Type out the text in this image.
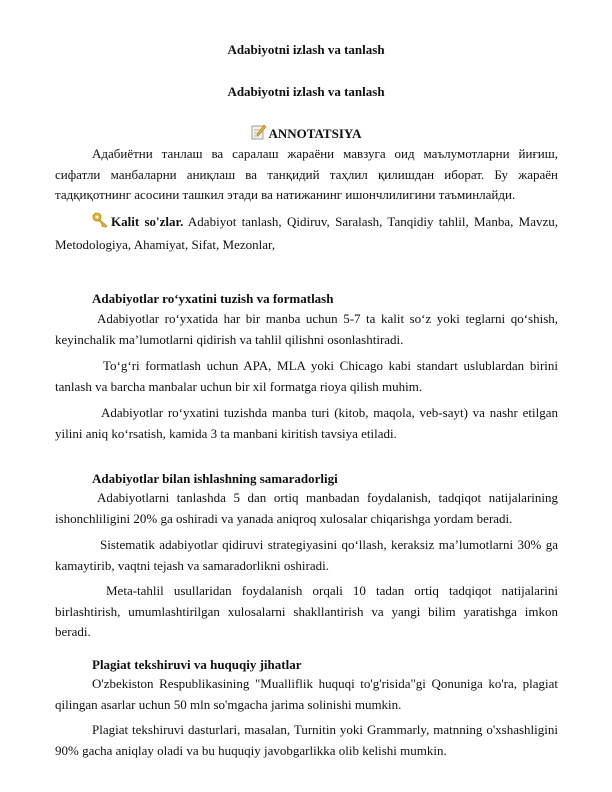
Adabiyotni izlash va tanlash

Adabiyotni izlash va tanlash

ANNOTATSIYA

Адабиётни танлаш ва саралаш жараёни мавзуга оид маълумотларни йиғиш, сифатли манбаларни аниқлаш ва танқидий таҳлил қилишдан иборат. Бу жараён тадқиқотнинг асосини ташкил этади ва натижанинг ишончлилигини таъминлайди.

Kalit so'zlar. Adabiyot tanlash, Qidiruv, Saralash, Tanqidiy tahlil, Manba, Mavzu, Metodologiya, Ahamiyat, Sifat, Mezonlar,

Adabiyotlar roʻyxatini tuzish va formatlash

Adabiyotlar roʻyxatida har bir manba uchun 5-7 ta kalit soʻz yoki teglarni qoʻshish, keyinchalik maʼlumotlarni qidirish va tahlil qilishni osonlashtiradi.

Toʻgʻri formatlash uchun APA, MLA yoki Chicago kabi standart uslublardan birini tanlash va barcha manbalar uchun bir xil formatga rioya qilish muhim.

Adabiyotlar roʻyxatini tuzishda manba turi (kitob, maqola, veb-sayt) va nashr etilgan yilini aniq koʻrsatish, kamida 3 ta manbani kiritish tavsiya etiladi.

Adabiyotlar bilan ishlashning samaradorligi

Adabiyotlarni tanlashda 5 dan ortiq manbadan foydalanish, tadqiqot natijalarining ishonchliligini 20% ga oshiradi va yanada aniqroq xulosalar chiqarishga yordam beradi.

Sistematik adabiyotlar qidiruvi strategiyasini qoʻllash, keraksiz maʼlumotlarni 30% ga kamaytirib, vaqtni tejash va samaradorlikni oshiradi.

Meta-tahlil usullaridan foydalanish orqali 10 tadan ortiq tadqiqot natijalarini birlashtirish, umumlashtirilgan xulosalarni shakllantirish va yangi bilim yaratishga imkon beradi.

Plagiat tekshiruvi va huquqiy jihatlar

O'zbekiston Respublikasining "Mualliflik huquqi to'g'risida"gi Qonuniga ko'ra, plagiat qilingan asarlar uchun 50 mln so'mgacha jarima solinishi mumkin.

Plagiat tekshiruvi dasturlari, masalan, Turnitin yoki Grammarly, matnning o'xshashligini 90% gacha aniqlay oladi va bu huquqiy javobgarlikka olib kelishi mumkin.
